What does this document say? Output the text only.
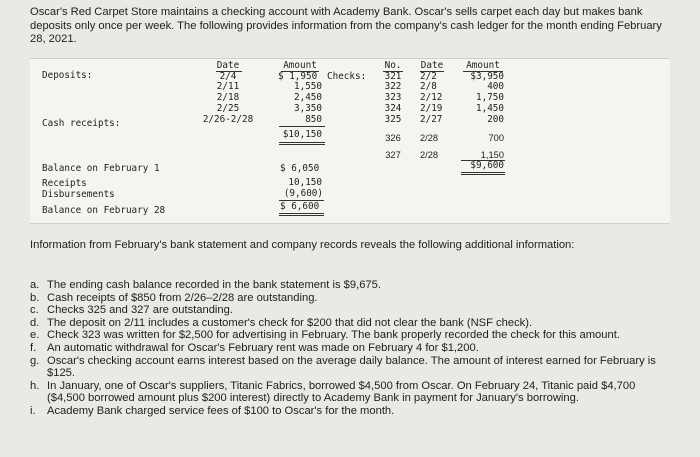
Oscar's Red Carpet Store maintains a checking account with Academy Bank. Oscar's sells carpet each day but makes bank deposits only once per week. The following provides information from the company's cash ledger for the month ending February 28, 2021.
Deposits:
Cash receipts:
Date
2/4
2/11
2/18
2/25
2/26-2/28
Amount
$ 1,950
1,550
2,450
3,350
850
$10,150
Checks:
No.
321
322
323
324
325
326
327
Date
2/2
2/8
2/12
2/19
2/27
2/28
2/28
Amount
$3,950
400
1,750
1,450
200
700
1,150
$9,600
Balance on February 1
Receipts
Disbursements
Balance on February 28
$ 6,050
10,150
(9,600)
$ 6,600
Information from February's bank statement and company records reveals the following additional information:
a. The ending cash balance recorded in the bank statement is $9,675.
b. Cash receipts of $850 from 2/26–2/28 are outstanding.
c. Checks 325 and 327 are outstanding.
d. The deposit on 2/11 includes a customer's check for $200 that did not clear the bank (NSF check).
e. Check 323 was written for $2,500 for advertising in February. The bank properly recorded the check for this amount.
f. An automatic withdrawal for Oscar's February rent was made on February 4 for $1,200.
g. Oscar's checking account earns interest based on the average daily balance. The amount of interest earned for February is $125.
h. In January, one of Oscar's suppliers, Titanic Fabrics, borrowed $4,500 from Oscar. On February 24, Titanic paid $4,700 ($4,500 borrowed amount plus $200 interest) directly to Academy Bank in payment for January's borrowing.
i. Academy Bank charged service fees of $100 to Oscar's for the month.
